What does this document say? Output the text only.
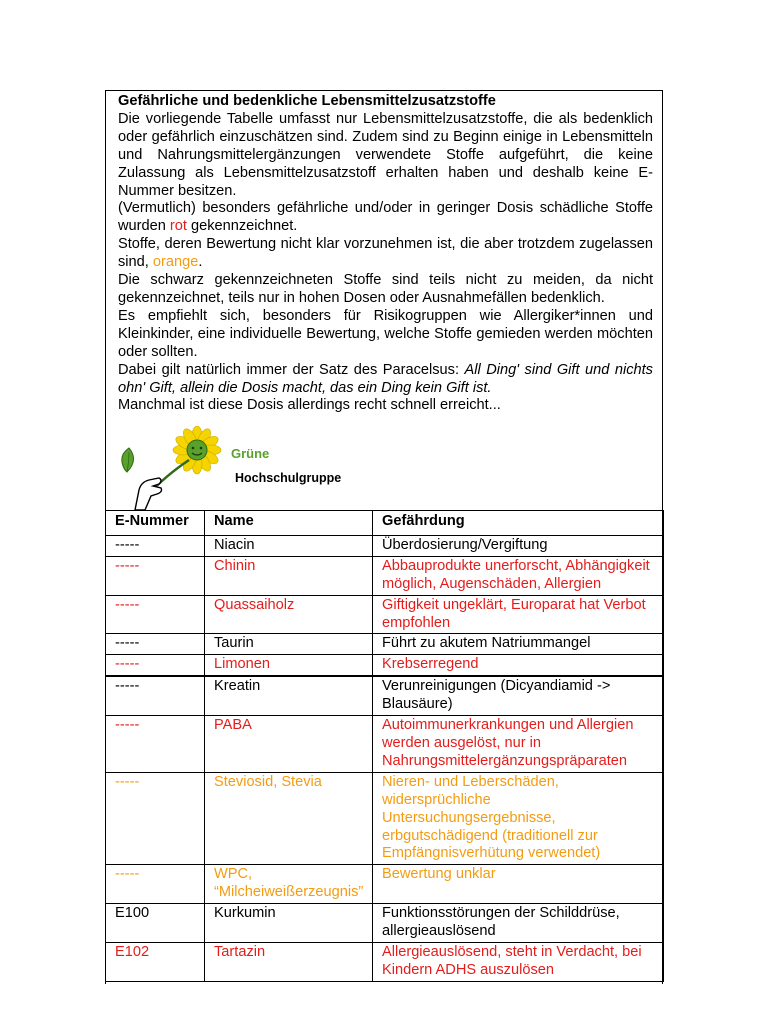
Gefährliche und bedenkliche Lebensmittelzusatzstoffe

Die vorliegende Tabelle umfasst nur Lebensmittelzusatzstoffe, die als bedenklich oder gefährlich einzuschätzen sind. Zudem sind zu Beginn einige in Lebensmitteln und Nahrungsmittelergänzungen verwendete Stoffe aufgeführt, die keine Zulassung als Lebensmittelzusatzstoff erhalten haben und deshalb keine E-Nummer besitzen.

(Vermutlich) besonders gefährliche und/oder in geringer Dosis schädliche Stoffe wurden rot gekennzeichnet.

Stoffe, deren Bewertung nicht klar vorzunehmen ist, die aber trotzdem zugelassen sind, orange.

Die schwarz gekennzeichneten Stoffe sind teils nicht zu meiden, da nicht gekennzeichnet, teils nur in hohen Dosen oder Ausnahmefällen bedenklich.

Es empfiehlt sich, besonders für Risikogruppen wie Allergiker*innen und Kleinkinder, eine individuelle Bewertung, welche Stoffe gemieden werden möchten oder sollten.

Dabei gilt natürlich immer der Satz des Paracelsus: All Ding' sind Gift und nichts ohn' Gift, allein die Dosis macht, das ein Ding kein Gift ist.

Manchmal ist diese Dosis allerdings recht schnell erreicht...

Grüne
Hochschulgruppe
E-Nummer	Name	Gefährdung
-----	Niacin	Überdosierung/Vergiftung
-----	Chinin	Abbauprodukte unerforscht, Abhängigkeit möglich, Augenschäden, Allergien
-----	Quassaiholz	Giftigkeit ungeklärt, Europarat hat Verbot empfohlen
-----	Taurin	Führt zu akutem Natriummangel
-----	Limonen	Krebserregend
-----	Kreatin	Verunreinigungen (Dicyandiamid -> Blausäure)
-----	PABA	Autoimmunerkrankungen und Allergien werden ausgelöst, nur in Nahrungsmittelergänzungspräparaten
-----	Steviosid, Stevia	Nieren- und Leberschäden, widersprüchliche Untersuchungsergebnisse, erbgutschädigend (traditionell zur Empfängnisverhütung verwendet)
-----	WPC, “Milcheiweißerzeugnis”	Bewertung unklar
E100	Kurkumin	Funktionsstörungen der Schilddrüse, allergieauslösend
E102	Tartazin	Allergieauslösend, steht in Verdacht, bei Kindern ADHS auszulösen
